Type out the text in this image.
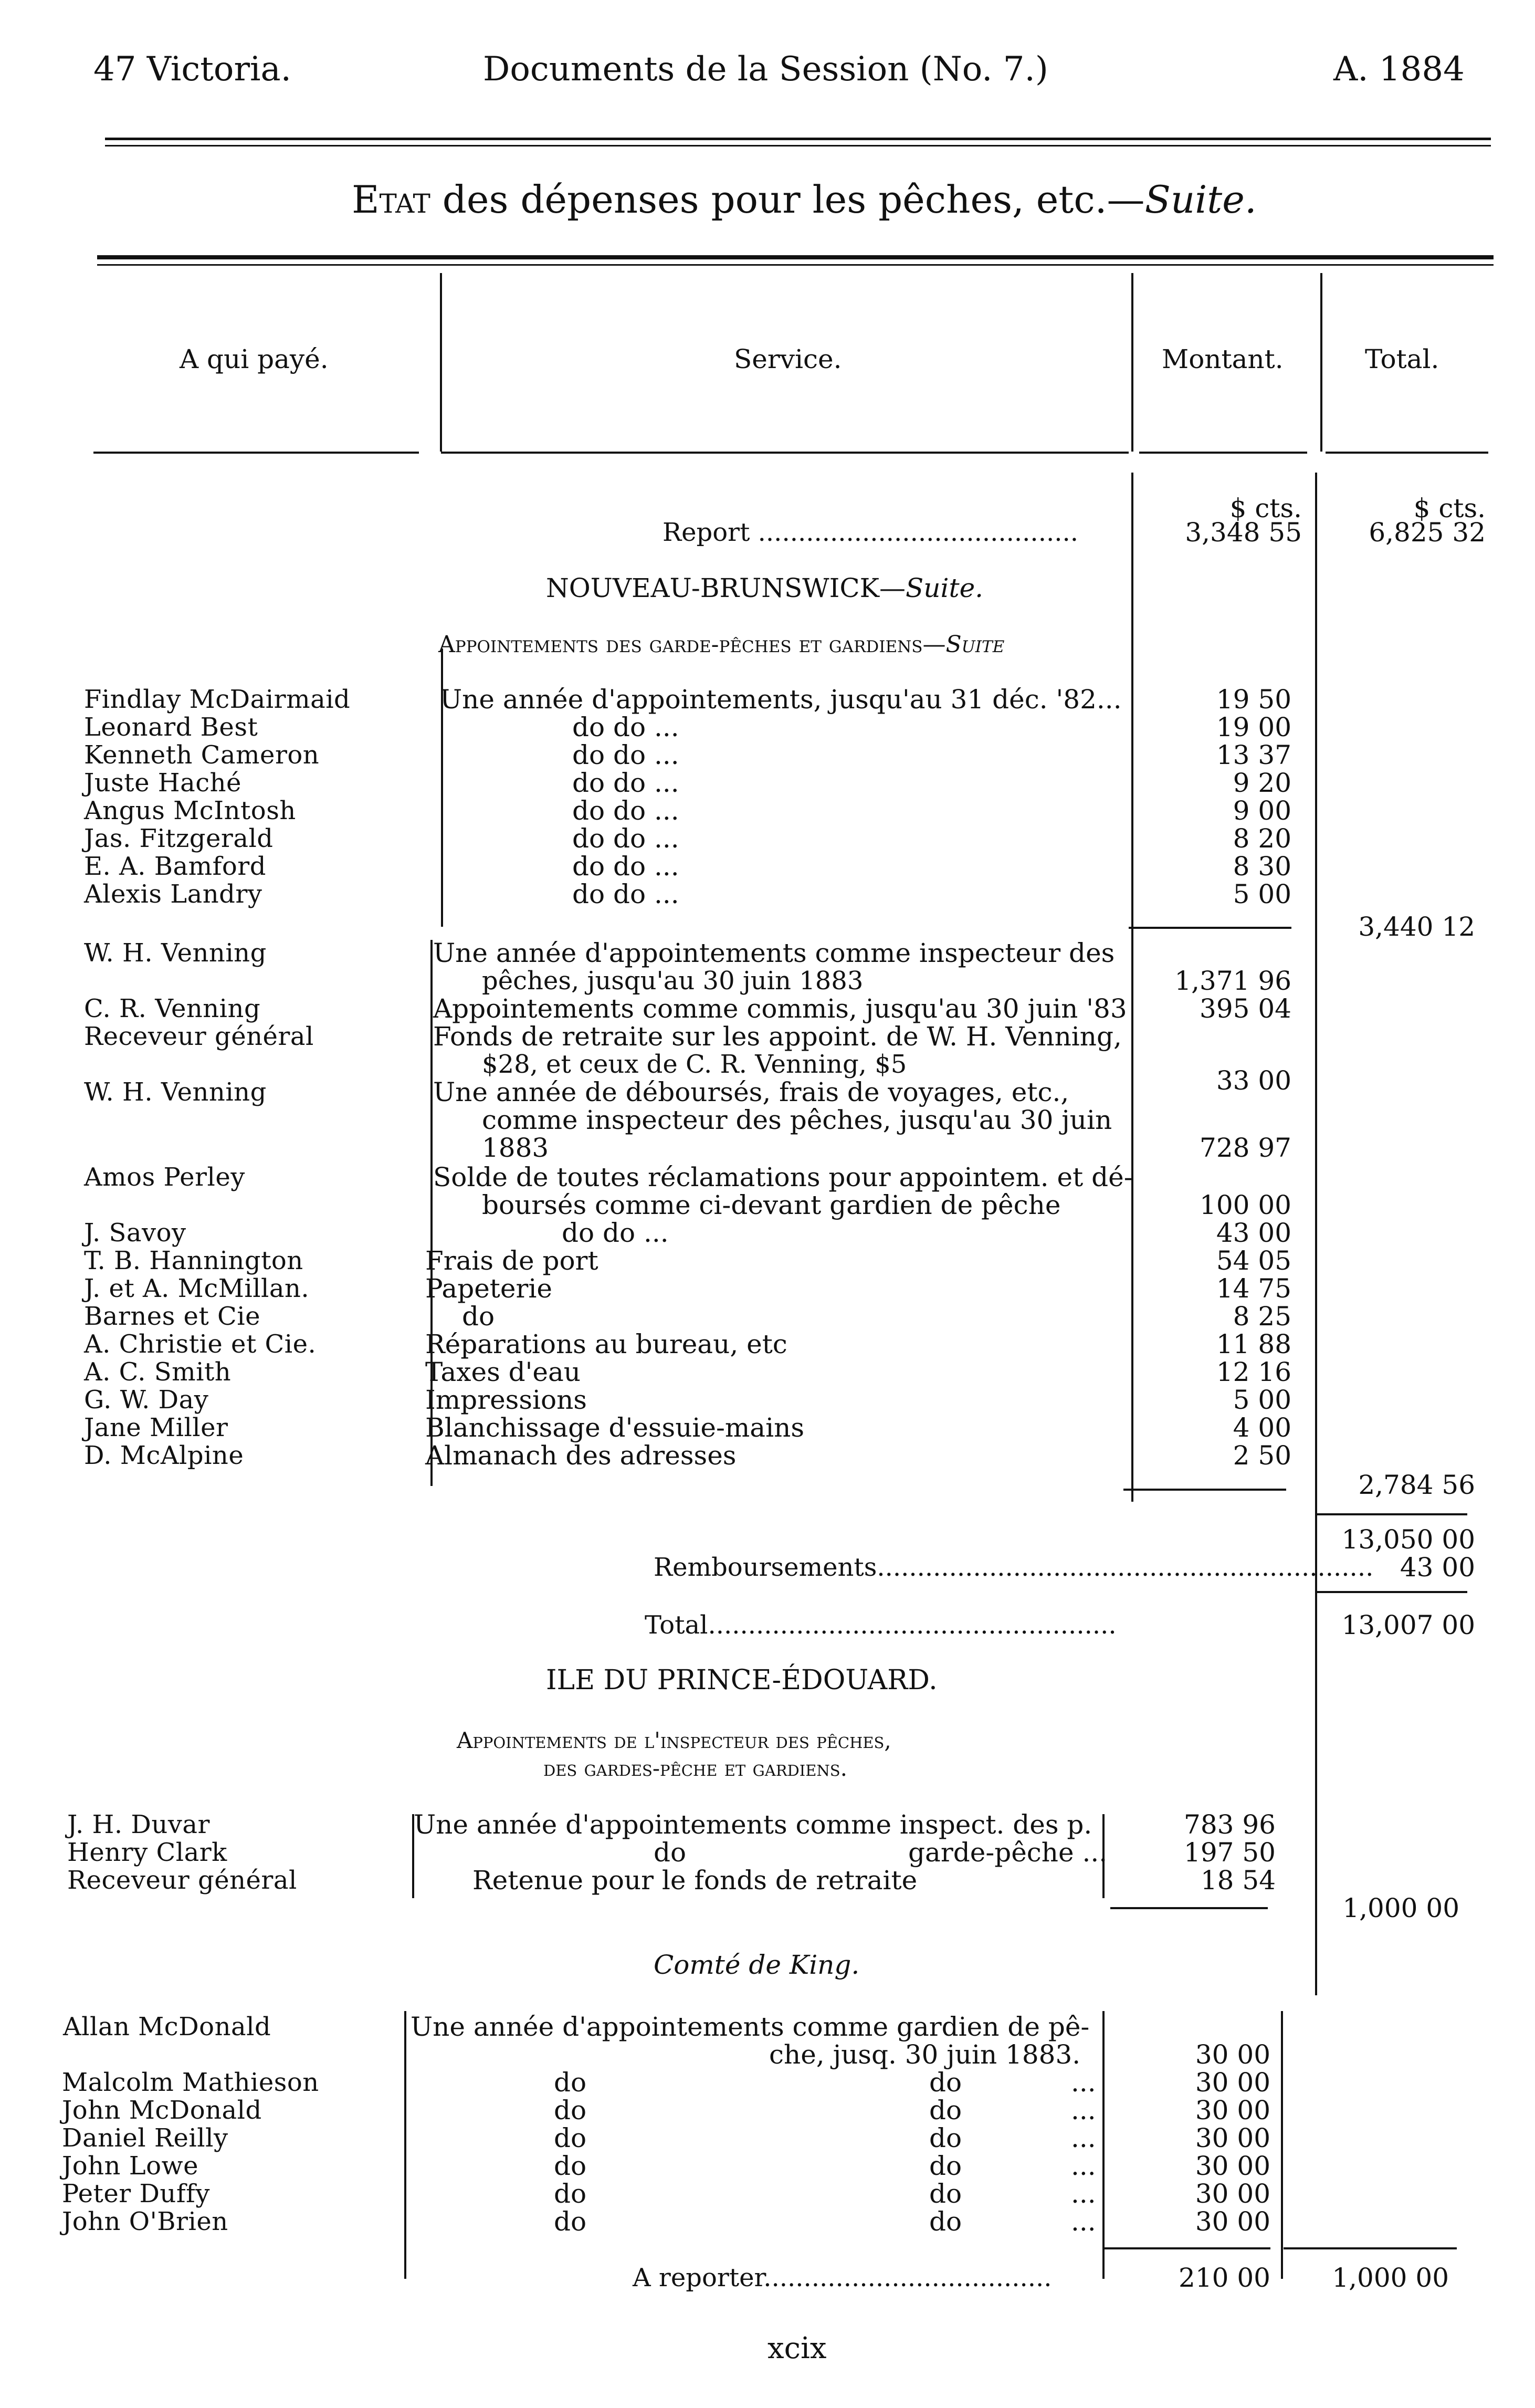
47 Victoria.	Documents de la Session (No. 7.)	A. 1884
Etat des dépenses pour les pêches, etc.—Suite.
A qui payé.	Service.	Montant.	Total.
$ cts.	$ cts.
Report ........................................	3,348 55	6,825 32
NOUVEAU-BRUNSWICK—Suite.
Appointements des garde-pêches et gardiens—Suite
Findlay McDairmaid	Une année d'appointements, jusqu'au 31 déc. '82...	19 50
Leonard Best	do do ...	19 00
Kenneth Cameron	do do ...	13 37
Juste Haché	do do ...	9 20
Angus McIntosh	do do ...	9 00
Jas. Fitzgerald	do do ...	8 20
E. A. Bamford	do do ...	8 30
Alexis Landry	do do ...	5 00
3,440 12
W. H. Venning	Une année d'appointements comme inspecteur des
pêches, jusqu'au 30 juin 1883	1,371 96
C. R. Venning	Appointements comme commis, jusqu'au 30 juin '83	395 04
Receveur général	Fonds de retraite sur les appoint. de W. H. Venning,
$28, et ceux de C. R. Venning, $5
33 00
W. H. Venning	Une année de déboursés, frais de voyages, etc.,
comme inspecteur des pêches, jusqu'au 30 juin
1883	728 97
Amos Perley	Solde de toutes réclamations pour appointem. et dé-
boursés comme ci-devant gardien de pêche	100 00
J. Savoy	do do ...	43 00
T. B. Hannington	Frais de port	54 05
J. et A. McMillan.	Papeterie	14 75
Barnes et Cie	do	8 25
A. Christie et Cie.	Réparations au bureau, etc	11 88
A. C. Smith	Taxes d'eau	12 16
G. W. Day	Impressions	5 00
Jane Miller	Blanchissage d'essuie-mains	4 00
D. McAlpine	Almanach des adresses	2 50
2,784 56
13,050 00
Remboursements..............................................................	43 00
Total...................................................	13,007 00
ILE DU PRINCE-ÉDOUARD.
Appointements de l'inspecteur des pêches,
des gardes-pêche et gardiens.
J. H. Duvar	Une année d'appointements comme inspect. des p.	783 96
Henry Clark	do	garde-pêche ...	197 50
Receveur général	Retenue pour le fonds de retraite	18 54
1,000 00
Comté de King.
Allan McDonald	Une année d'appointements comme gardien de pê-
che, jusq. 30 juin 1883.	30 00
Malcolm Mathieson	do	do	...	30 00
John McDonald	do	do	...	30 00
Daniel Reilly	do	do	...	30 00
John Lowe	do	do	...	30 00
Peter Duffy	do	do	...	30 00
John O'Brien	do	do	...	30 00
A reporter....................................	210 00	1,000 00
xcix
